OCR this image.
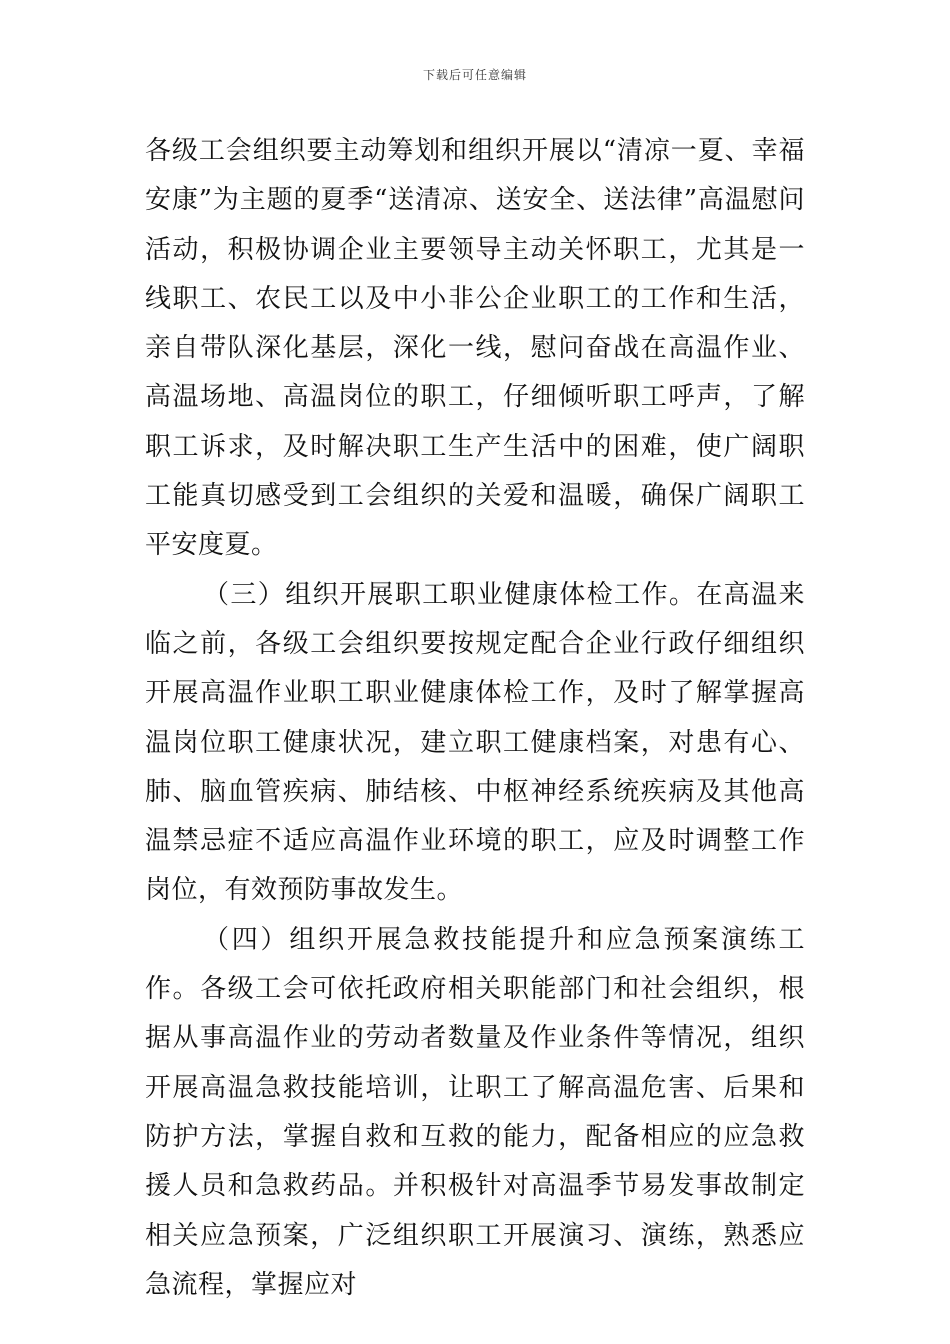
下载后可任意编辑

各级工会组织要主动筹划和组织开展以“清凉一夏、幸福安康”为主题的夏季“送清凉、送安全、送法律”高温慰问活动，积极协调企业主要领导主动关怀职工，尤其是一线职工、农民工以及中小非公企业职工的工作和生活，亲自带队深化基层，深化一线，慰问奋战在高温作业、高温场地、高温岗位的职工，仔细倾听职工呼声，了解职工诉求，及时解决职工生产生活中的困难，使广阔职工能真切感受到工会组织的关爱和温暖，确保广阔职工平安度夏。

（三）组织开展职工职业健康体检工作。在高温来临之前，各级工会组织要按规定配合企业行政仔细组织开展高温作业职工职业健康体检工作，及时了解掌握高温岗位职工健康状况，建立职工健康档案，对患有心、肺、脑血管疾病、肺结核、中枢神经系统疾病及其他高温禁忌症不适应高温作业环境的职工，应及时调整工作岗位，有效预防事故发生。

（四）组织开展急救技能提升和应急预案演练工作。各级工会可依托政府相关职能部门和社会组织，根据从事高温作业的劳动者数量及作业条件等情况，组织开展高温急救技能培训，让职工了解高温危害、后果和防护方法，掌握自救和互救的能力，配备相应的应急救援人员和急救药品。并积极针对高温季节易发事故制定相关应急预案，广泛组织职工开展演习、演练，熟悉应急流程，掌握应对
